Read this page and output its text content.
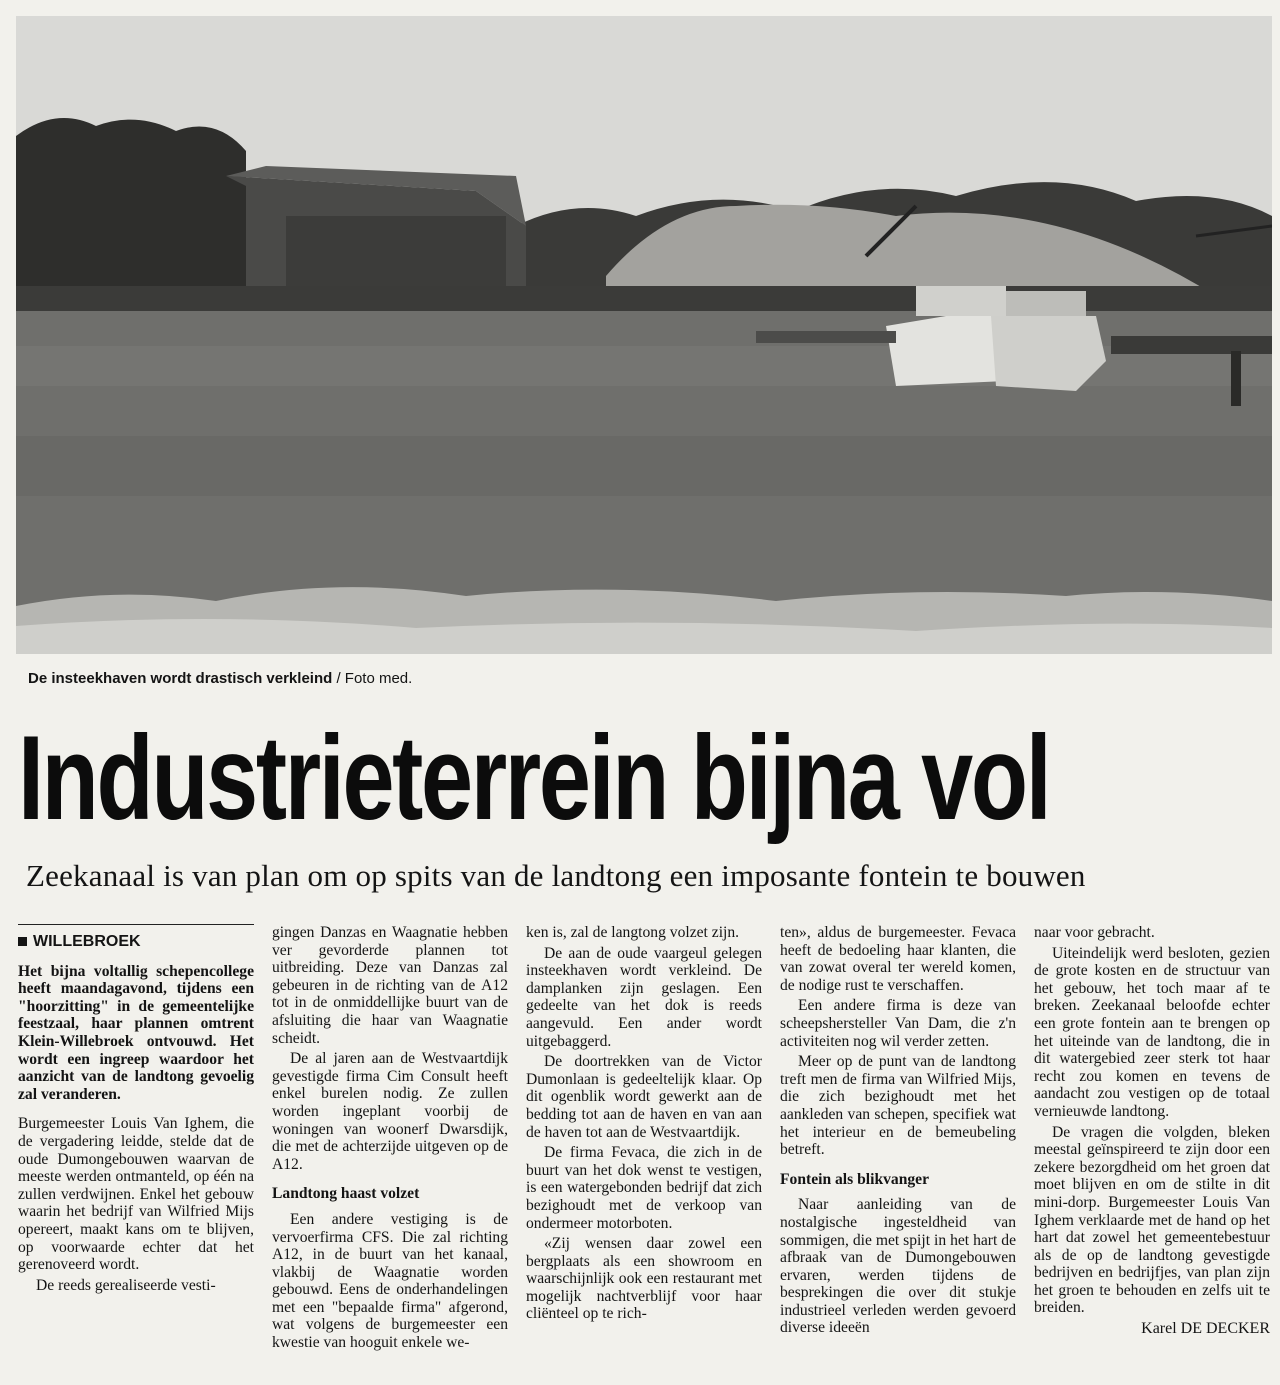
De insteekhaven wordt drastisch verkleind / Foto med.
Industrieterrein bijna vol
Zeekanaal is van plan om op spits van de landtong een imposante fontein te bouwen
WILLEBROEK

Het bijna voltallig schepencollege heeft maandagavond, tijdens een "hoorzitting" in de gemeentelijke feestzaal, haar plannen omtrent Klein-Willebroek ontvouwd. Het wordt een ingreep waardoor het aanzicht van de landtong gevoelig zal veranderen.

Burgemeester Louis Van Ighem, die de vergadering leidde, stelde dat de oude Dumongebouwen waarvan de meeste werden ontmanteld, op één na zullen verdwijnen. Enkel het gebouw waarin het bedrijf van Wilfried Mijs opereert, maakt kans om te blijven, op voorwaarde echter dat het gerenoveerd wordt.

De reeds gerealiseerde vesti-

gingen Danzas en Waagnatie hebben ver gevorderde plannen tot uitbreiding. Deze van Danzas zal gebeuren in de richting van de A12 tot in de onmiddellijke buurt van de afsluiting die haar van Waagnatie scheidt.

De al jaren aan de Westvaartdijk gevestigde firma Cim Consult heeft enkel burelen nodig. Ze zullen worden ingeplant voorbij de woningen van woonerf Dwarsdijk, die met de achterzijde uitgeven op de A12.

Landtong haast volzet

Een andere vestiging is de vervoerfirma CFS. Die zal richting A12, in de buurt van het kanaal, vlakbij de Waagnatie worden gebouwd. Eens de onderhandelingen met een "bepaalde firma" afgerond, wat volgens de burgemeester een kwestie van hooguit enkele we-

ken is, zal de langtong volzet zijn.

De aan de oude vaargeul gelegen insteekhaven wordt verkleind. De damplanken zijn geslagen. Een gedeelte van het dok is reeds aangevuld. Een ander wordt uitgebaggerd.

De doortrekken van de Victor Dumonlaan is gedeeltelijk klaar. Op dit ogenblik wordt gewerkt aan de bedding tot aan de haven en van aan de haven tot aan de Westvaartdijk.

De firma Fevaca, die zich in de buurt van het dok wenst te vestigen, is een watergebonden bedrijf dat zich bezighoudt met de verkoop van ondermeer motorboten.

«Zij wensen daar zowel een bergplaats als een showroom en waarschijnlijk ook een restaurant met mogelijk nachtverblijf voor haar cliënteel op te rich-

ten», aldus de burgemeester. Fevaca heeft de bedoeling haar klanten, die van zowat overal ter wereld komen, de nodige rust te verschaffen.

Een andere firma is deze van scheepshersteller Van Dam, die z'n activiteiten nog wil verder zetten.

Meer op de punt van de landtong treft men de firma van Wilfried Mijs, die zich bezighoudt met het aankleden van schepen, specifiek wat het interieur en de bemeubeling betreft.

Fontein als blikvanger

Naar aanleiding van de nostalgische ingesteldheid van sommigen, die met spijt in het hart de afbraak van de Dumongebouwen ervaren, werden tijdens de besprekingen die over dit stukje industrieel verleden werden gevoerd diverse ideeën

naar voor gebracht.

Uiteindelijk werd besloten, gezien de grote kosten en de structuur van het gebouw, het toch maar af te breken. Zeekanaal beloofde echter een grote fontein aan te brengen op het uiteinde van de landtong, die in dit watergebied zeer sterk tot haar recht zou komen en tevens de aandacht zou vestigen op de totaal vernieuwde landtong.

De vragen die volgden, bleken meestal geïnspireerd te zijn door een zekere bezorgdheid om het groen dat moet blijven en om de stilte in dit mini-dorp. Burgemeester Louis Van Ighem verklaarde met de hand op het hart dat zowel het gemeentebestuur als de op de landtong gevestigde bedrijven en bedrijfjes, van plan zijn het groen te behouden en zelfs uit te breiden.

Karel DE DECKER
